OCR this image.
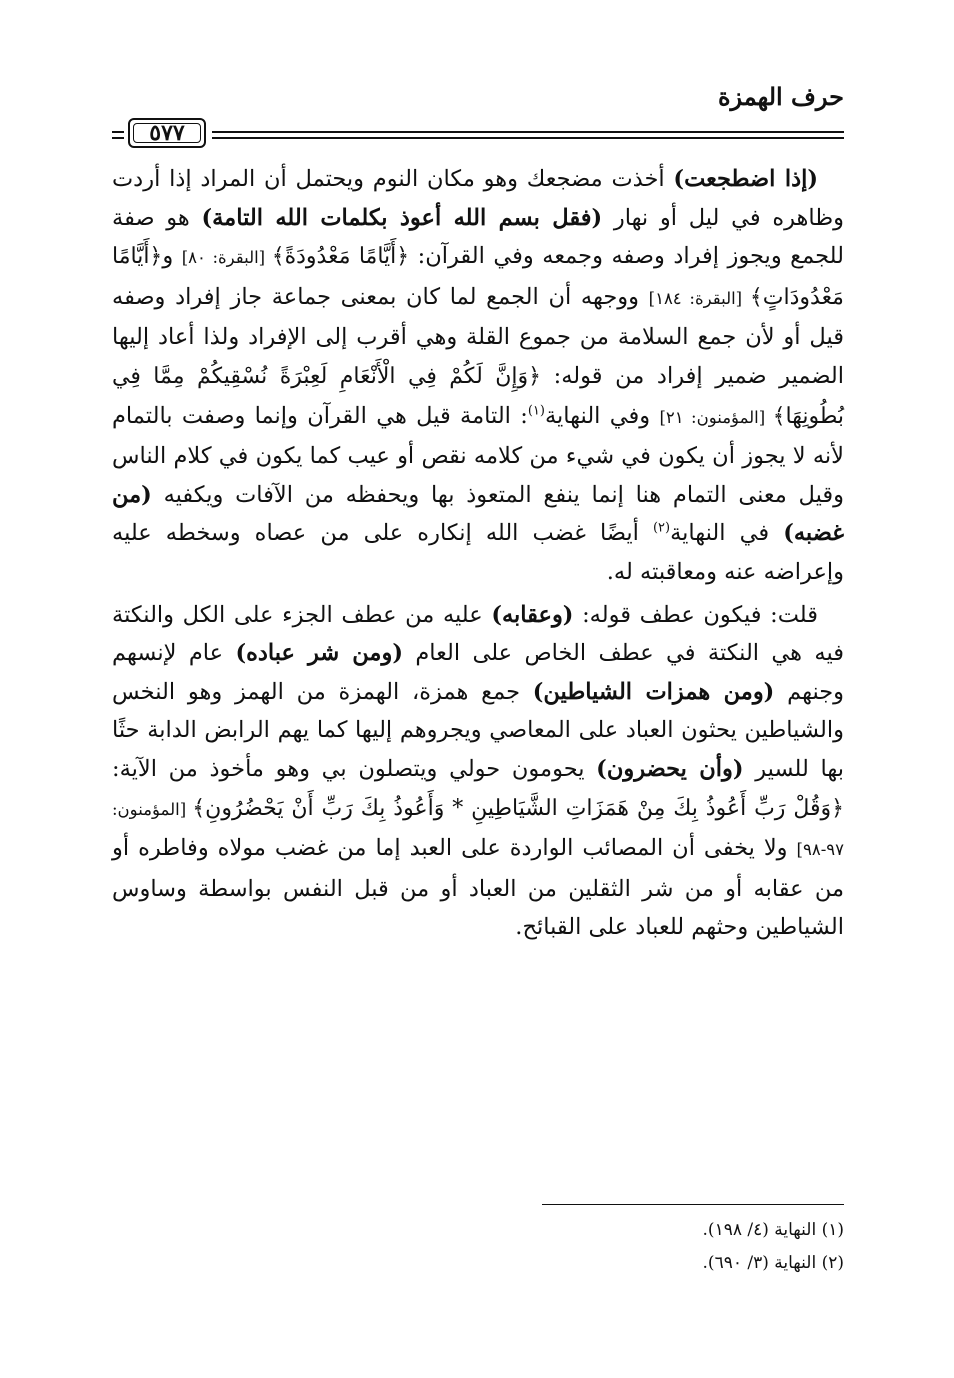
حرف الهمزة
٥٧٧

(إذا اضطجعت) أخذت مضجعك وهو مكان النوم ويحتمل أن المراد إذا أردت وظاهره في ليل أو نهار (فقل بسم الله أعوذ بكلمات الله التامة) هو صفة للجمع ويجوز إفراد وصفه وجمعه وفي القرآن: ﴿أَيَّامًا مَعْدُودَةً﴾ [البقرة: ٨٠] و﴿أَيَّامًا مَعْدُودَاتٍ﴾ [البقرة: ١٨٤] ووجهه أن الجمع لما كان بمعنى جماعة جاز إفراد وصفه قيل أو لأن جمع السلامة من جموع القلة وهي أقرب إلى الإفراد ولذا أعاد إليها الضمير ضمير إفراد من قوله: ﴿وَإِنَّ لَكُمْ فِي الْأَنْعَامِ لَعِبْرَةً نُسْقِيكُمْ مِمَّا فِي بُطُونِهَا﴾ [المؤمنون: ٢١] وفي النهاية$^{(١)}$: التامة قيل هي القرآن وإنما وصفت بالتمام لأنه لا يجوز أن يكون في شيء من كلامه نقص أو عيب كما يكون في كلام الناس وقيل معنى التمام هنا إنما ينفع المتعوذ بها ويحفظه من الآفات ويكفيه (من غضبه) في النهاية$^{(٢)}$ أيضًا غضب الله إنكاره على من عصاه وسخطه عليه وإعراضه عنه ومعاقبته له.

قلت: فيكون عطف قوله: (وعقابه) عليه من عطف الجزء على الكل والنكتة فيه هي النكتة في عطف الخاص على العام (ومن شر عباده) عام لإنسهم وجنهم (ومن همزات الشياطين) جمع همزة، الهمزة من الهمز وهو النخس والشياطين يحثون العباد على المعاصي ويجروهم إليها كما يهم الرابض الدابة حثًا بها للسير (وأن يحضرون) يحومون حولي ويتصلون بي وهو مأخوذ من الآية: ﴿وَقُلْ رَبِّ أَعُوذُ بِكَ مِنْ هَمَزَاتِ الشَّيَاطِينِ * وَأَعُوذُ بِكَ رَبِّ أَنْ يَحْضُرُونِ﴾ [المؤمنون: ٩٧-٩٨] ولا يخفى أن المصائب الواردة على العبد إما من غضب مولاه وفاطره أو من عقابه أو من شر الثقلين من العباد أو من قبل النفس بواسطة وساوس الشياطين وحثهم للعباد على القبائح.

(١) النهاية (٤/ ١٩٨).
(٢) النهاية (٣/ ٦٩٠).
